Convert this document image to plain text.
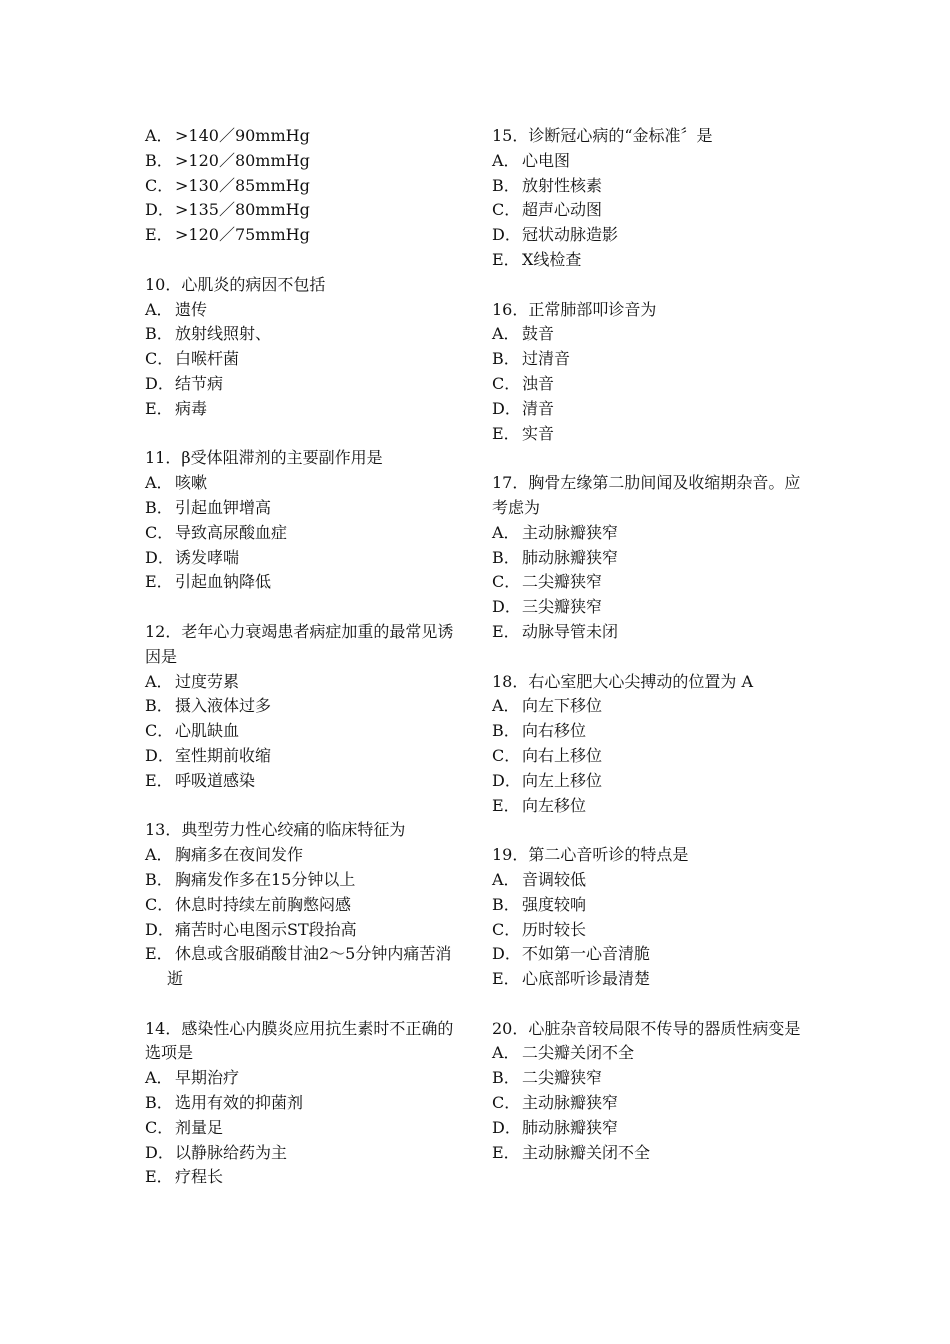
A． >140／90mmHg
B． >120／80mmHg
C． >130／85mmHg
D．>135／80mmHg
E． >120／75mmHg
10．心肌炎的病因不包括
A． 遗传
B． 放射线照射、
C． 白喉杆菌
D．结节病
E． 病毒
11．β受体阻滞剂的主要副作用是
A． 咳嗽
B． 引起血钾增高
C． 导致高尿酸血症
D．诱发哮喘
E． 引起血钠降低
12．老年心力衰竭患者病症加重的最常见诱因是
A． 过度劳累
B． 摄入液体过多
C． 心肌缺血
D．室性期前收缩
E． 呼吸道感染
13．典型劳力性心绞痛的临床特征为
A． 胸痛多在夜间发作
B． 胸痛发作多在15分钟以上
C． 休息时持续左前胸憋闷感
D．痛苦时心电图示ST段抬高
E． 休息或含服硝酸甘油2～5分钟内痛苦消逝
14．感染性心内膜炎应用抗生素时不正确的选项是
A． 早期治疗
B． 选用有效的抑菌剂
C． 剂量足
D．以静脉给药为主
E． 疗程长
15．诊断冠心病的“金标准〞是
A． 心电图
B． 放射性核素
C． 超声心动图
D．冠状动脉造影
E． X线检查
16．正常肺部叩诊音为
A． 鼓音
B． 过清音
C． 浊音
D．清音
E． 实音
17．胸骨左缘第二肋间闻及收缩期杂音。应考虑为
A． 主动脉瓣狭窄
B． 肺动脉瓣狭窄
C． 二尖瓣狭窄
D．三尖瓣狭窄
E． 动脉导管未闭
18．右心室肥大心尖搏动的位置为 A
A． 向左下移位
B． 向右移位
C． 向右上移位
D．向左上移位
E． 向左移位
19．第二心音听诊的特点是
A． 音调较低
B． 强度较响
C． 历时较长
D．不如第一心音清脆
E． 心底部听诊最清楚
20．心脏杂音较局限不传导的器质性病变是
A． 二尖瓣关闭不全
B． 二尖瓣狭窄
C． 主动脉瓣狭窄
D．肺动脉瓣狭窄
E． 主动脉瓣关闭不全
